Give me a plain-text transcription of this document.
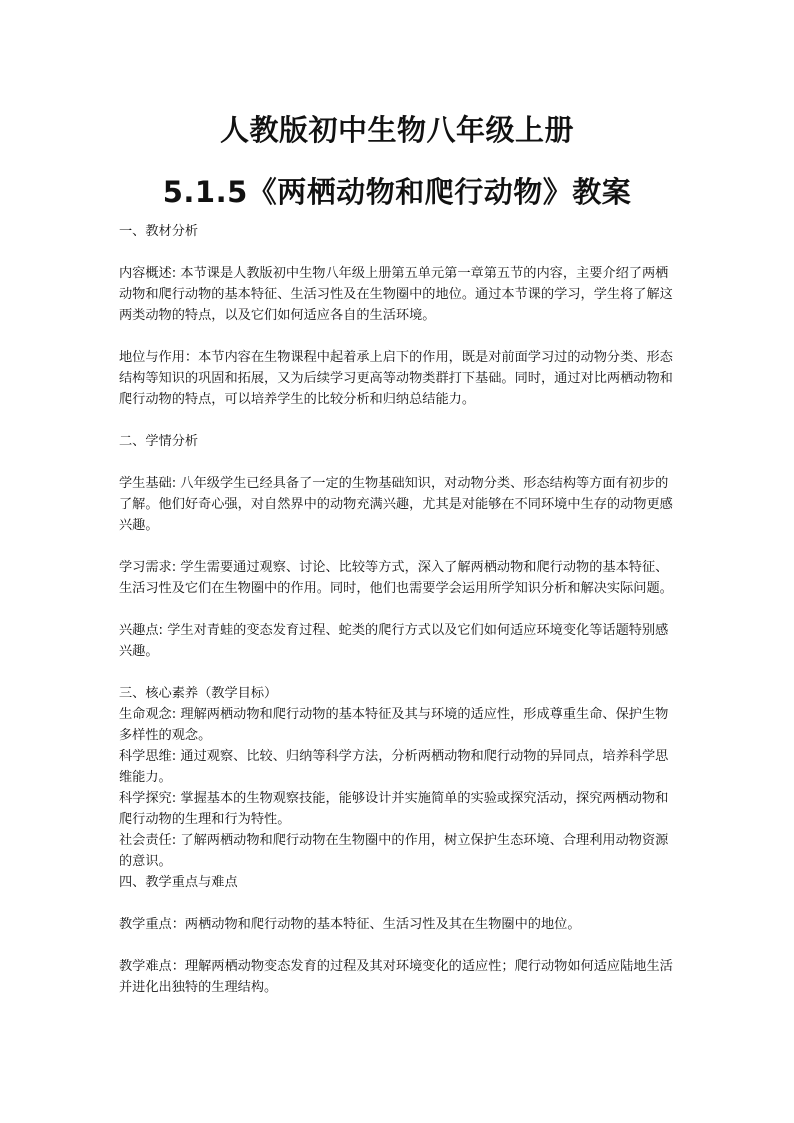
人教版初中生物八年级上册
5.1.5《两栖动物和爬行动物》教案

一、教材分析

内容概述: 本节课是人教版初中生物八年级上册第五单元第一章第五节的内容，主要介绍了两栖动物和爬行动物的基本特征、生活习性及在生物圈中的地位。通过本节课的学习，学生将了解这两类动物的特点，以及它们如何适应各自的生活环境。

地位与作用：本节内容在生物课程中起着承上启下的作用，既是对前面学习过的动物分类、形态结构等知识的巩固和拓展，又为后续学习更高等动物类群打下基础。同时，通过对比两栖动物和爬行动物的特点，可以培养学生的比较分析和归纳总结能力。

二、学情分析

学生基础: 八年级学生已经具备了一定的生物基础知识，对动物分类、形态结构等方面有初步的了解。他们好奇心强，对自然界中的动物充满兴趣，尤其是对能够在不同环境中生存的动物更感兴趣。

学习需求: 学生需要通过观察、讨论、比较等方式，深入了解两栖动物和爬行动物的基本特征、生活习性及它们在生物圈中的作用。同时，他们也需要学会运用所学知识分析和解决实际问题。

兴趣点: 学生对青蛙的变态发育过程、蛇类的爬行方式以及它们如何适应环境变化等话题特别感兴趣。

三、核心素养（教学目标）

生命观念: 理解两栖动物和爬行动物的基本特征及其与环境的适应性，形成尊重生命、保护生物多样性的观念。

科学思维: 通过观察、比较、归纳等科学方法，分析两栖动物和爬行动物的异同点，培养科学思维能力。

科学探究: 掌握基本的生物观察技能，能够设计并实施简单的实验或探究活动，探究两栖动物和爬行动物的生理和行为特性。

社会责任: 了解两栖动物和爬行动物在生物圈中的作用，树立保护生态环境、合理利用动物资源的意识。

四、教学重点与难点

教学重点：两栖动物和爬行动物的基本特征、生活习性及其在生物圈中的地位。

教学难点：理解两栖动物变态发育的过程及其对环境变化的适应性；爬行动物如何适应陆地生活并进化出独特的生理结构。
